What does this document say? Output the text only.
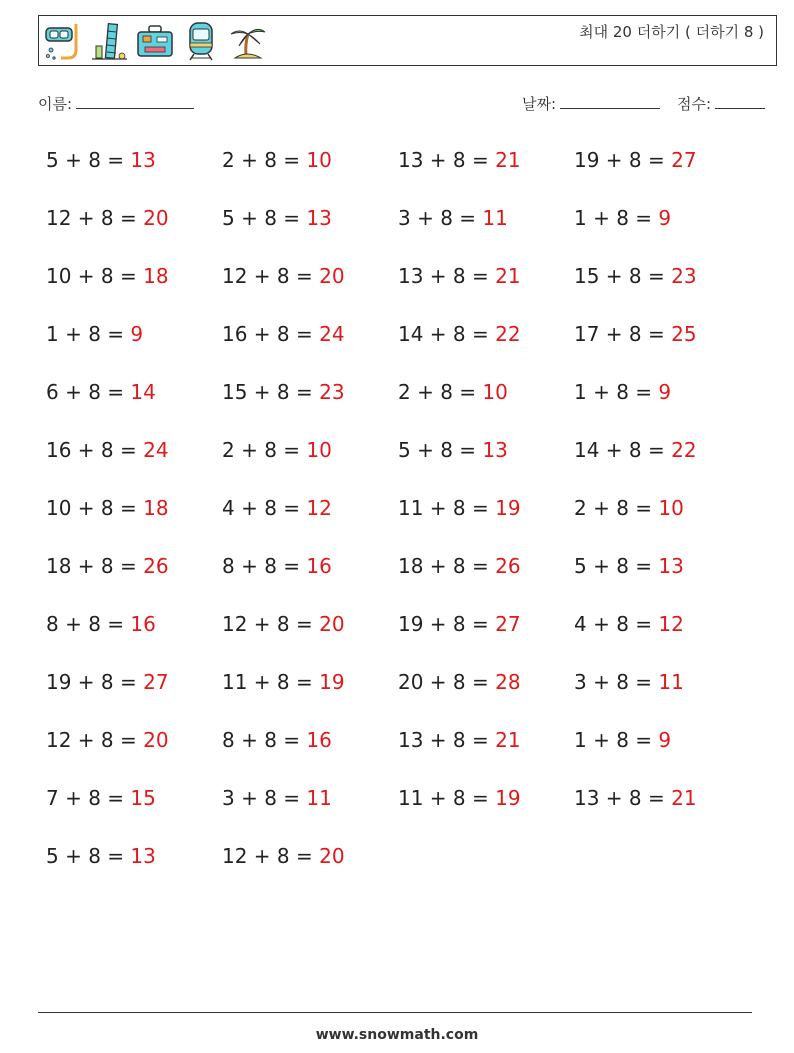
최대 20 더하기 ( 더하기 8 )
이름:	날짜:	점수:
5 + 8 = 13	2 + 8 = 10	13 + 8 = 21	19 + 8 = 27
12 + 8 = 20	5 + 8 = 13	3 + 8 = 11	1 + 8 = 9
10 + 8 = 18	12 + 8 = 20	13 + 8 = 21	15 + 8 = 23
1 + 8 = 9	16 + 8 = 24	14 + 8 = 22	17 + 8 = 25
6 + 8 = 14	15 + 8 = 23	2 + 8 = 10	1 + 8 = 9
16 + 8 = 24	2 + 8 = 10	5 + 8 = 13	14 + 8 = 22
10 + 8 = 18	4 + 8 = 12	11 + 8 = 19	2 + 8 = 10
18 + 8 = 26	8 + 8 = 16	18 + 8 = 26	5 + 8 = 13
8 + 8 = 16	12 + 8 = 20	19 + 8 = 27	4 + 8 = 12
19 + 8 = 27	11 + 8 = 19	20 + 8 = 28	3 + 8 = 11
12 + 8 = 20	8 + 8 = 16	13 + 8 = 21	1 + 8 = 9
7 + 8 = 15	3 + 8 = 11	11 + 8 = 19	13 + 8 = 21
5 + 8 = 13	12 + 8 = 20
www.snowmath.com
